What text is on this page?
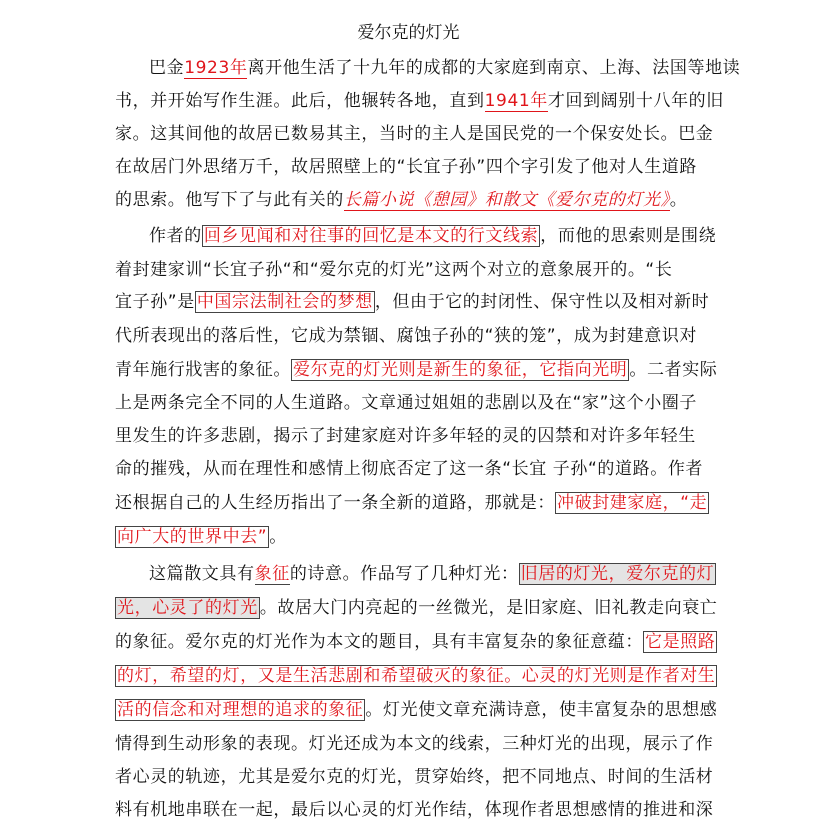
爱尔克的灯光
巴金1923年离开他生活了十九年的成都的大家庭到南京、上海、法国等地读
书，并开始写作生涯。此后，他辗转各地，直到1941年才回到阔别十八年的旧
家。这其间他的故居已数易其主，当时的主人是国民党的一个保安处长。巴金
在故居门外思绪万千，故居照壁上的“长宜子孙”四个字引发了他对人生道路
的思索。他写下了与此有关的长篇小说《憩园》和散文《爱尔克的灯光》。
作者的 回乡见闻和对往事的回忆是本文的行文线索 ，而他的思索则是围绕
着封建家训“长宜子孙“和“爱尔克的灯光”这两个对立的意象展开的。“长
宜子孙”是 中国宗法制社会的梦想 ，但由于它的封闭性、保守性以及相对新时
代所表现出的落后性，它成为禁锢、腐蚀子孙的“狭的笼”，成为封建意识对
青年施行戕害的象征。 爱尔克的灯光则是新生的象征，它指向光明 。二者实际
上是两条完全不同的人生道路。文章通过姐姐的悲剧以及在“家”这个小圈子
里发生的许多悲剧，揭示了封建家庭对许多年轻的灵的囚禁和对许多年轻生
命的摧残，从而在理性和感情上彻底否定了这一条“长宜 子孙“的道路。作者
还根据自己的人生经历指出了一条全新的道路，那就是： 冲破封建家庭，“走
向广大的世界中去” 。
这篇散文具有象征的诗意。作品写了几种灯光： 旧居的灯光，爱尔克的灯
光，心灵了的灯光 。故居大门内亮起的一丝微光，是旧家庭、旧礼教走向衰亡
的象征。爱尔克的灯光作为本文的题目，具有丰富复杂的象征意蕴： 它是照路
的灯，希望的灯，又是生活悲剧和希望破灭的象征。心灵的灯光则是作者对生
活的信念和对理想的追求的象征 。灯光使文章充满诗意，使丰富复杂的思想感
情得到生动形象的表现。灯光还成为本文的线索，三种灯光的出现，展示了作
者心灵的轨迹，尤其是爱尔克的灯光，贯穿始终，把不同地点、时间的生活材
料有机地串联在一起，最后以心灵的灯光作结，体现作者思想感情的推进和深
